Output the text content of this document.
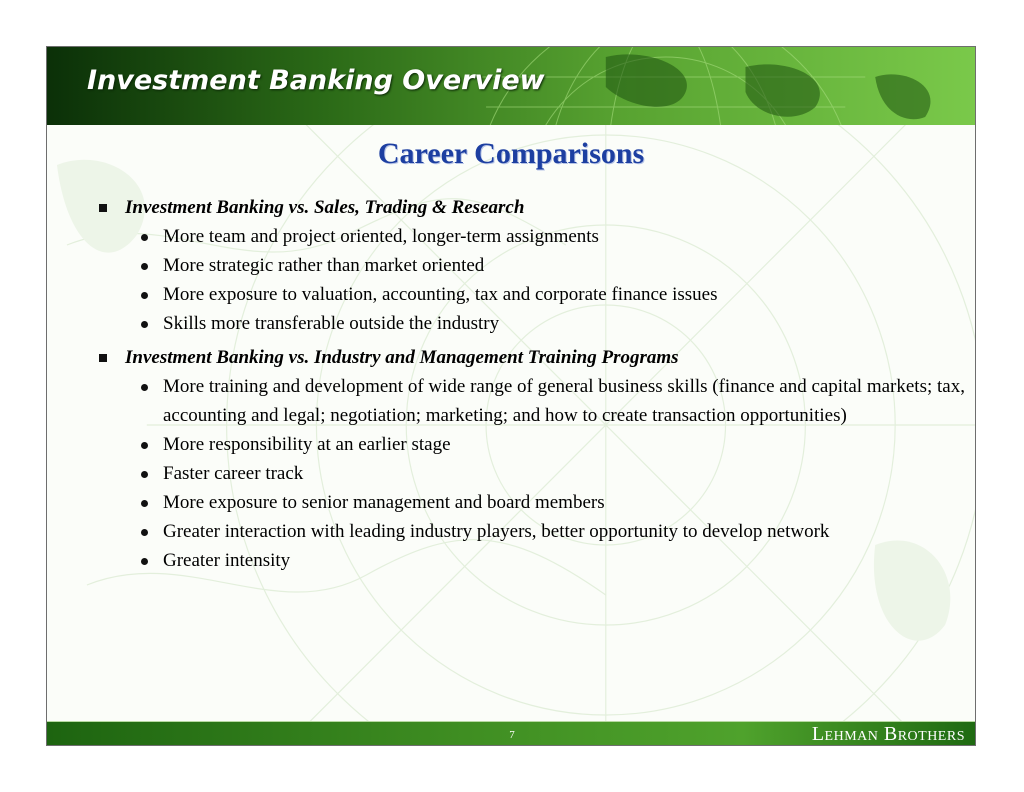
Investment Banking Overview
Career Comparisons
Investment Banking vs. Sales, Trading & Research
More team and project oriented, longer-term assignments
More strategic rather than market oriented
More exposure to valuation, accounting, tax and corporate finance issues
Skills more transferable outside the industry
Investment Banking vs. Industry and Management Training Programs
More training and development of wide range of general business skills (finance and capital markets; tax, accounting and legal; negotiation; marketing; and how to create transaction opportunities)
More responsibility at an earlier stage
Faster career track
More exposure to senior management and board members
Greater interaction with leading industry players, better opportunity to develop network
Greater intensity
7	Lehman Brothers
